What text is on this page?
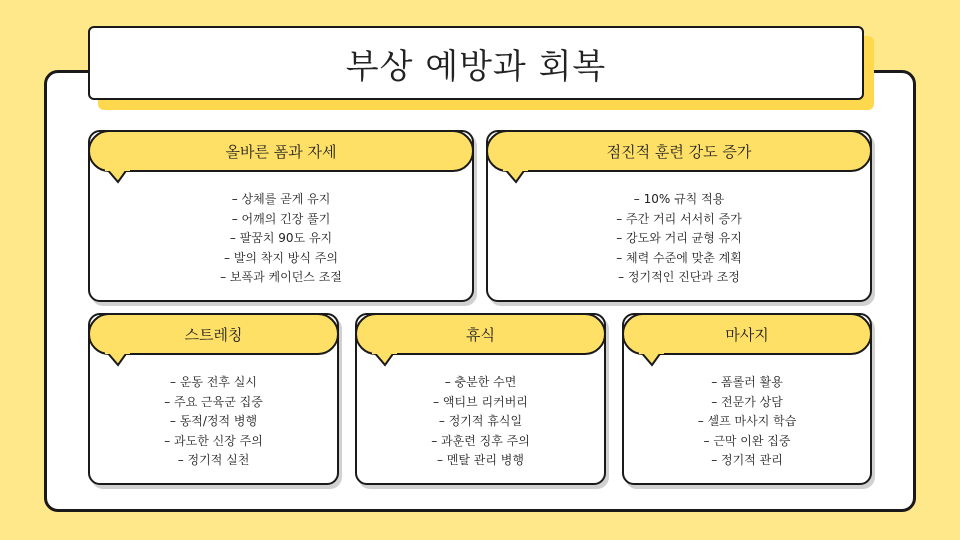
부상 예방과 회복
올바른 폼과 자세
– 상체를 곧게 유지
– 어깨의 긴장 풀기
– 팔꿈치 90도 유지
– 발의 착지 방식 주의
– 보폭과 케이던스 조절
점진적 훈련 강도 증가
– 10% 규칙 적용
– 주간 거리 서서히 증가
– 강도와 거리 균형 유지
– 체력 수준에 맞춘 계획
– 정기적인 진단과 조정
스트레칭
– 운동 전후 실시
– 주요 근육군 집중
– 동적/정적 병행
– 과도한 신장 주의
– 정기적 실천
휴식
– 충분한 수면
– 액티브 리커버리
– 정기적 휴식일
– 과훈련 징후 주의
– 멘탈 관리 병행
마사지
– 폼롤러 활용
– 전문가 상담
– 셀프 마사지 학습
– 근막 이완 집중
– 정기적 관리
